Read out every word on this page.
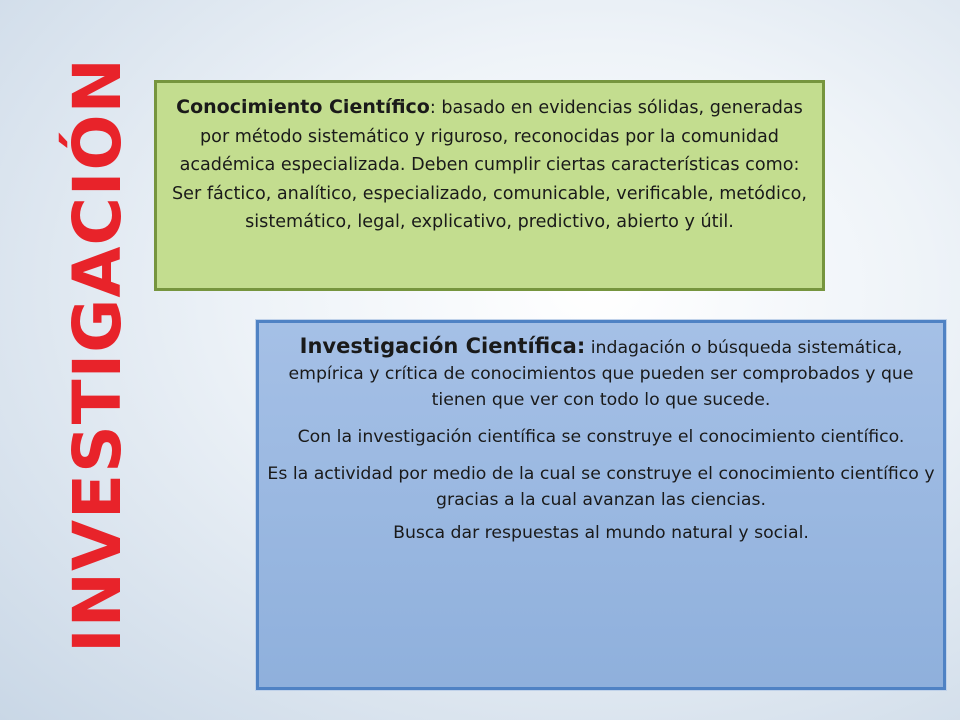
INVESTIGACIÓN	Conocimiento Científico: basado en evidencias sólidas, generadas por método sistemático y riguroso, reconocidas por la comunidad académica especializada. Deben cumplir ciertas características como: Ser fáctico, analítico, especializado, comunicable, verificable, metódico, sistemático, legal, explicativo, predictivo, abierto y útil.

Investigación Científica: indagación o búsqueda sistemática, empírica y crítica de conocimientos que pueden ser comprobados y que tienen que ver con todo lo que sucede.

Con la investigación científica se construye el conocimiento científico.

Es la actividad por medio de la cual se construye el conocimiento científico y gracias a la cual avanzan las ciencias.

Busca dar respuestas al mundo natural y social.
